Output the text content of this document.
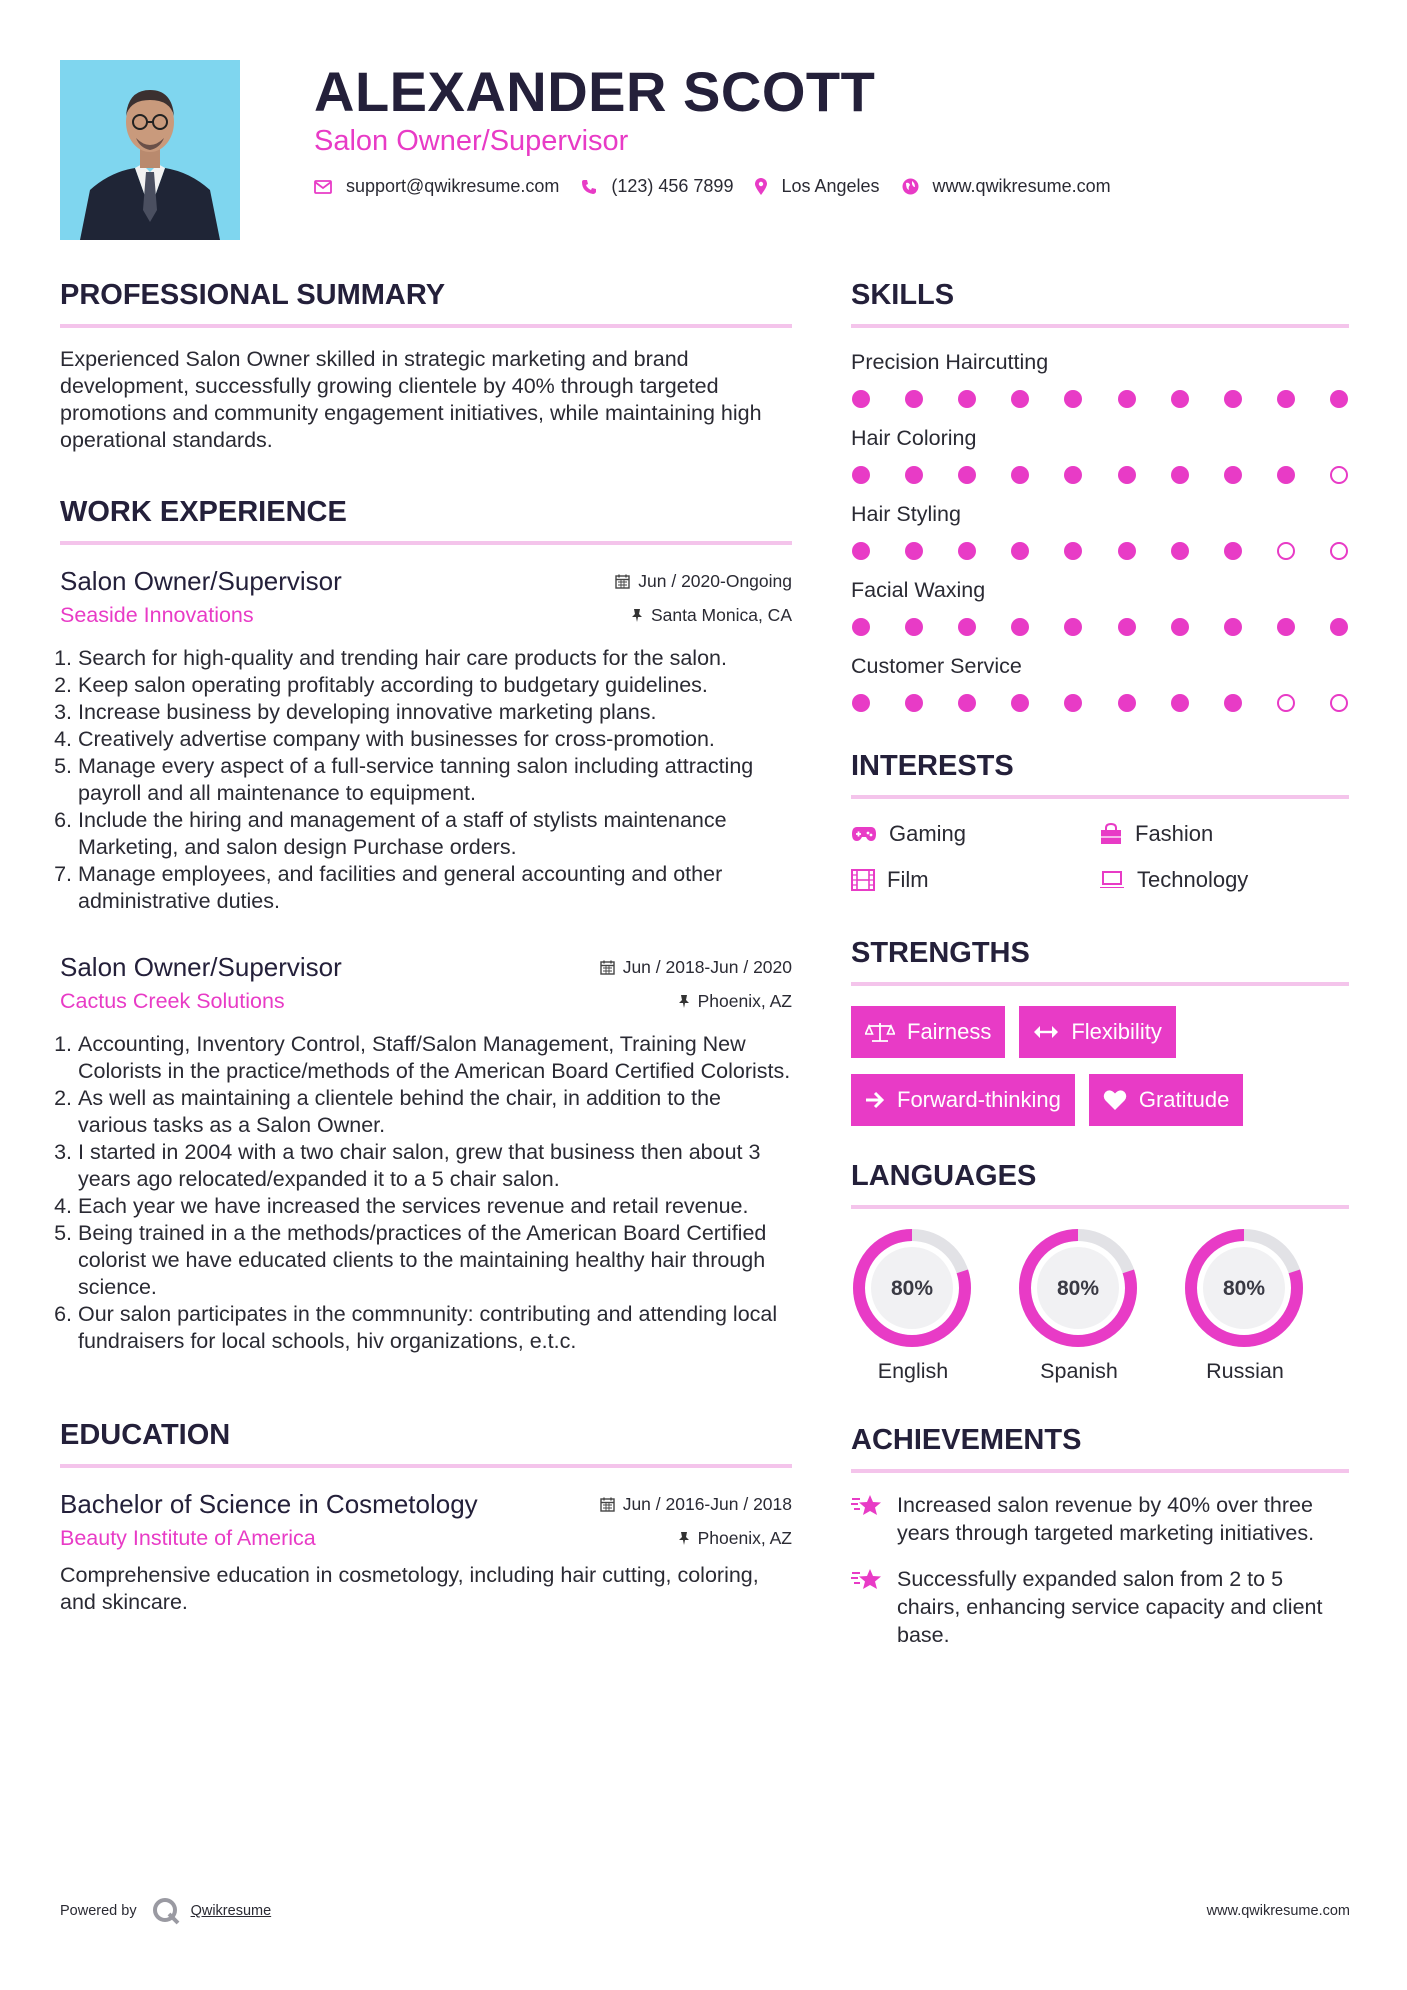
ALEXANDER SCOTT
Salon Owner/Supervisor
support@qwikresume.com	(123) 456 7899	Los Angeles	www.qwikresume.com
PROFESSIONAL SUMMARY
Experienced Salon Owner skilled in strategic marketing and brand development, successfully growing clientele by 40% through targeted promotions and community engagement initiatives, while maintaining high operational standards.
WORK EXPERIENCE
Salon Owner/Supervisor	Jun / 2020-Ongoing
Seaside Innovations	Santa Monica, CA
1. Search for high-quality and trending hair care products for the salon.
2. Keep salon operating profitably according to budgetary guidelines.
3. Increase business by developing innovative marketing plans.
4. Creatively advertise company with businesses for cross-promotion.
5. Manage every aspect of a full-service tanning salon including attracting payroll and all maintenance to equipment.
6. Include the hiring and management of a staff of stylists maintenance Marketing, and salon design Purchase orders.
7. Manage employees, and facilities and general accounting and other administrative duties.
Salon Owner/Supervisor	Jun / 2018-Jun / 2020
Cactus Creek Solutions	Phoenix, AZ
1. Accounting, Inventory Control, Staff/Salon Management, Training New Colorists in the practice/methods of the American Board Certified Colorists.
2. As well as maintaining a clientele behind the chair, in addition to the various tasks as a Salon Owner.
3. I started in 2004 with a two chair salon, grew that business then about 3 years ago relocated/expanded it to a 5 chair salon.
4. Each year we have increased the services revenue and retail revenue.
5. Being trained in a the methods/practices of the American Board Certified colorist we have educated clients to the maintaining healthy hair through science.
6. Our salon participates in the commnunity: contributing and attending local fundraisers for local schools, hiv organizations, e.t.c.
EDUCATION
Bachelor of Science in Cosmetology	Jun / 2016-Jun / 2018
Beauty Institute of America	Phoenix, AZ
Comprehensive education in cosmetology, including hair cutting, coloring, and skincare.
SKILLS
Precision Haircutting
Hair Coloring
Hair Styling
Facial Waxing
Customer Service
INTERESTS
Gaming	Fashion
Film	Technology
STRENGTHS
Fairness	Flexibility
Forward-thinking	Gratitude
LANGUAGES
80%
English
80%
Spanish
80%
Russian
ACHIEVEMENTS
Increased salon revenue by 40% over three years through targeted marketing initiatives.
Successfully expanded salon from 2 to 5 chairs, enhancing service capacity and client base.
Powered by	Qwikresume	www.qwikresume.com
